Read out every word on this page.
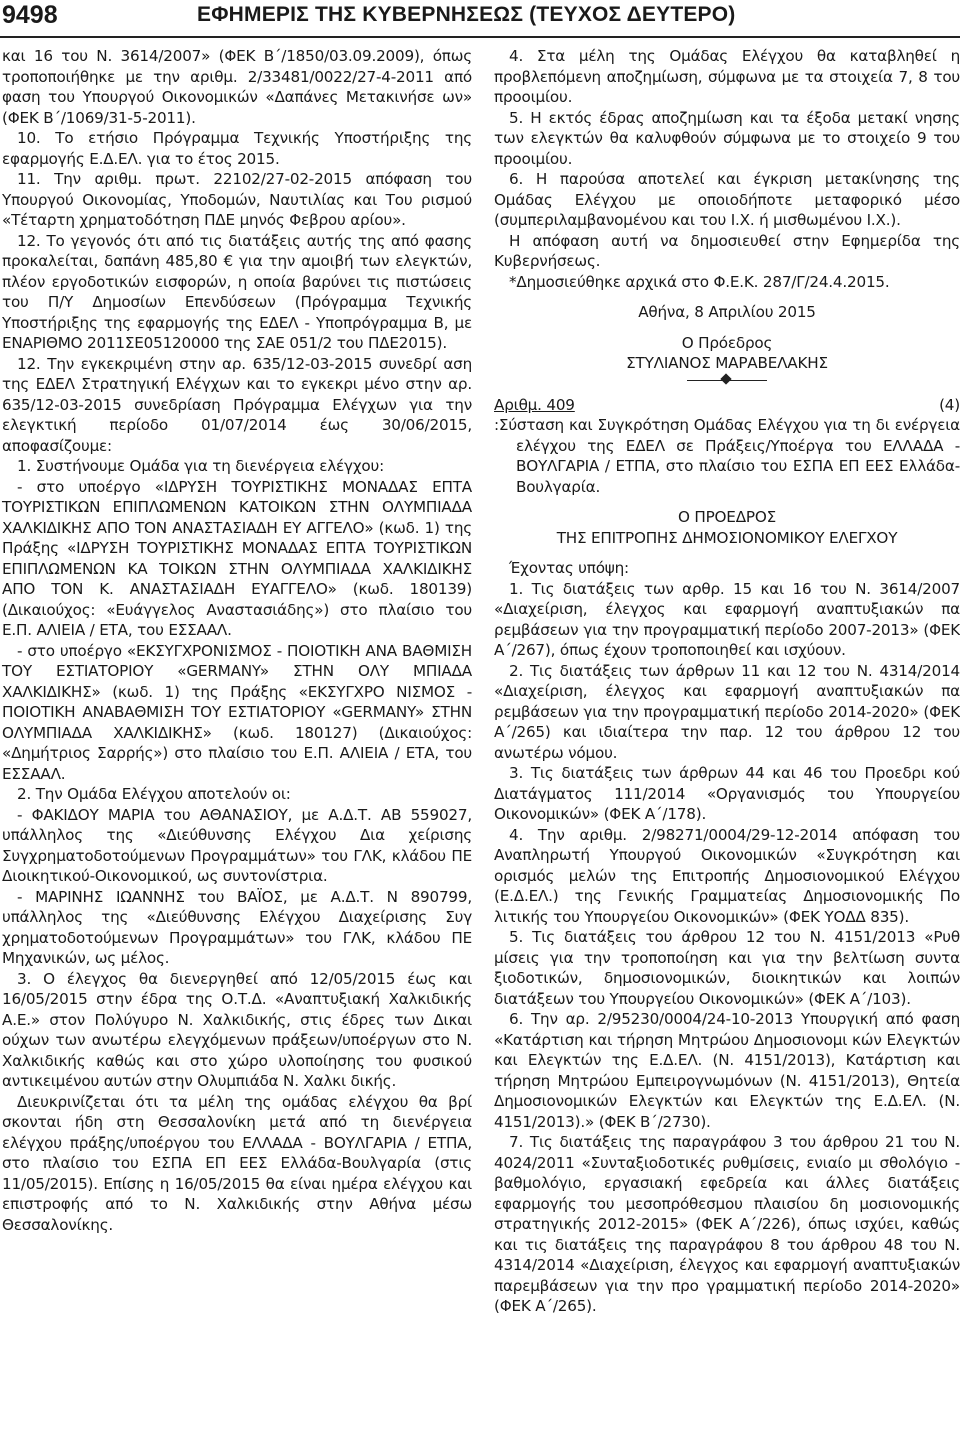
9498	ΕΦΗΜΕΡΙΣ ΤΗΣ ΚΥΒΕΡΝΗΣΕΩΣ (ΤΕΥΧΟΣ ΔΕΥΤΕΡΟ)

και 16 του Ν. 3614/2007» (ΦΕΚ Β΄/1850/03.09.2009), όπως τροποποιήθηκε με την αριθμ. 2/33481/0022/27-4-2011 από φαση του Υπουργού Οικονομικών «Δαπάνες Μετακινήσε ων» (ΦΕΚ Β΄/1069/31-5-2011).

10. Το ετήσιο Πρόγραμμα Τεχνικής Υποστήριξης της εφαρμογής Ε.Δ.ΕΛ. για το έτος 2015.

11. Την αριθμ. πρωτ. 22102/27-02-2015 απόφαση του Υπουργού Οικονομίας, Υποδομών, Ναυτιλίας και Του ρισμού «Τέταρτη χρηματοδότηση ΠΔΕ μηνός Φεβρου αρίου».

12. Το γεγονός ότι από τις διατάξεις αυτής της από φασης προκαλείται, δαπάνη 485,80 € για την αμοιβή των ελεγκτών, πλέον εργοδοτικών εισφορών, η οποία βαρύνει τις πιστώσεις του Π/Υ Δημοσίων Επενδύσεων (Πρόγραμμα Τεχνικής Υποστήριξης της εφαρμογής της ΕΔΕΛ - Υποπρόγραμμα Β, με ΕΝΑΡΙΘΜΟ 2011ΣΕ05120000 της ΣΑΕ 051/2 του ΠΔΕ2015).

12. Την εγκεκριμένη στην αρ. 635/12-03-2015 συνεδρί αση της ΕΔΕΛ Στρατηγική Ελέγχων και το εγκεκρι μένο στην αρ. 635/12-03-2015 συνεδρίαση Πρόγραμμα Ελέγχων για την ελεγκτική περίοδο 01/07/2014 έως 30/06/2015, αποφασίζουμε:

1. Συστήνουμε Ομάδα για τη διενέργεια ελέγχου:

- στο υποέργο «ΙΔΡΥΣΗ ΤΟΥΡΙΣΤΙΚΗΣ ΜΟΝΑΔΑΣ ΕΠΤΑ ΤΟΥΡΙΣΤΙΚΩΝ ΕΠΙΠΛΩΜΕΝΩΝ ΚΑΤΟΙΚΩΝ ΣΤΗΝ ΟΛΥΜΠΙΑΔΑ ΧΑΛΚΙΔΙΚΗΣ ΑΠΟ ΤΟΝ ΑΝΑΣΤΑΣΙΑΔΗ ΕΥ ΑΓΓΕΛΟ» (κωδ. 1) της Πράξης «ΙΔΡΥΣΗ ΤΟΥΡΙΣΤΙΚΗΣ ΜΟΝΑΔΑΣ ΕΠΤΑ ΤΟΥΡΙΣΤΙΚΩΝ ΕΠΙΠΛΩΜΕΝΩΝ ΚΑ ΤΟΙΚΩΝ ΣΤΗΝ ΟΛΥΜΠΙΑΔΑ ΧΑΛΚΙΔΙΚΗΣ ΑΠΟ ΤΟΝ Κ. ΑΝΑΣΤΑΣΙΑΔΗ ΕΥΑΓΓΕΛΟ» (κωδ. 180139) (Δικαιούχος: «Ευάγγελος Αναστασιάδης») στο πλαίσιο του Ε.Π. ΑΛΙΕΙΑ / ΕΤΑ, του ΕΣΣΑΑΛ.

- στο υποέργο «ΕΚΣΥΓΧΡΟΝΙΣΜΟΣ - ΠΟΙΟΤΙΚΗ ΑΝΑ ΒΑΘΜΙΣΗ ΤΟΥ ΕΣΤΙΑΤΟΡΙΟΥ «GERMANY» ΣΤΗΝ ΟΛΥ ΜΠΙΑΔΑ ΧΑΛΚΙΔΙΚΗΣ» (κωδ. 1) της Πράξης «ΕΚΣΥΓΧΡΟ ΝΙΣΜΟΣ - ΠΟΙΟΤΙΚΗ ΑΝΑΒΑΘΜΙΣΗ ΤΟΥ ΕΣΤΙΑΤΟΡΙΟΥ «GERMANY» ΣΤΗΝ ΟΛΥΜΠΙΑΔΑ ΧΑΛΚΙΔΙΚΗΣ» (κωδ. 180127) (Δικαιούχος: «Δημήτριος Σαρρής») στο πλαίσιο του Ε.Π. ΑΛΙΕΙΑ / ΕΤΑ, του ΕΣΣΑΑΛ.

2. Την Ομάδα Ελέγχου αποτελούν οι:

- ΦΑΚΙΔΟΥ ΜΑΡΙΑ του ΑΘΑΝΑΣΙΟΥ, με Α.Δ.Τ. ΑΒ 559027, υπάλληλος της «Διεύθυνσης Ελέγχου Δια χείρισης Συγχρηματοδοτούμενων Προγραμμάτων» του ΓΛΚ, κλάδου ΠΕ Διοικητικού-Οικονομικού, ως συντονίστρια.

- ΜΑΡΙΝΗΣ ΙΩΑΝΝΗΣ του ΒΑΪΟΣ, με Α.Δ.Τ. Ν 890799, υπάλληλος της «Διεύθυνσης Ελέγχου Διαχείρισης Συγ χρηματοδοτούμενων Προγραμμάτων» του ΓΛΚ, κλάδου ΠΕ Μηχανικών, ως μέλος.

3. Ο έλεγχος θα διενεργηθεί από 12/05/2015 έως και 16/05/2015 στην έδρα της Ο.Τ.Δ. «Αναπτυξιακή Χαλκιδικής Α.Ε.» στον Πολύγυρο Ν. Χαλκιδικής, στις έδρες των Δικαι ούχων των ανωτέρω ελεγχόμενων πράξεων/υποέργων στο Ν. Χαλκιδικής καθώς και στο χώρο υλοποίησης του φυσικού αντικειμένου αυτών στην Ολυμπιάδα Ν. Χαλκι δικής.

Διευκρινίζεται ότι τα μέλη της ομάδας ελέγχου θα βρί σκονται ήδη στη Θεσσαλονίκη μετά από τη διενέργεια ελέγχου πράξης/υποέργου του ΕΛΛΑΔΑ - ΒΟΥΛΓΑΡΙΑ / ΕΤΠΑ, στο πλαίσιο του ΕΣΠΑ ΕΠ ΕΕΣ Ελλάδα-Βουλγαρία (στις 11/05/2015). Επίσης η 16/05/2015 θα είναι ημέρα ελέγχου και επιστροφής από το Ν. Χαλκιδικής στην Αθήνα μέσω Θεσσαλονίκης.

4. Στα μέλη της Ομάδας Ελέγχου θα καταβληθεί η προβλεπόμενη αποζημίωση, σύμφωνα με τα στοιχεία 7, 8 του προοιμίου.

5. Η εκτός έδρας αποζημίωση και τα έξοδα μετακί νησης των ελεγκτών θα καλυφθούν σύμφωνα με το στοιχείο 9 του προοιμίου.

6. Η παρούσα αποτελεί και έγκριση μετακίνησης της Ομάδας Ελέγχου με οποιοδήποτε μεταφορικό μέσο (συμπεριλαμβανομένου και του Ι.Χ. ή μισθωμένου Ι.Χ.).

Η απόφαση αυτή να δημοσιευθεί στην Εφημερίδα της Κυβερνήσεως.

*Δημοσιεύθηκε αρχικά στο Φ.Ε.Κ. 287/Γ/24.4.2015.

Αθήνα, 8 Απριλίου 2015

Ο Πρόεδρος

ΣΤΥΛΙΑΝΟΣ ΜΑΡΑΒΕΛΑΚΗΣ

Αριθμ. 409	(4)

:Σύσταση και Συγκρότηση Ομάδας Ελέγχου για τη δι ενέργεια ελέγχου της ΕΔΕΛ σε Πράξεις/Υποέργα του ΕΛΛΑΔΑ - ΒΟΥΛΓΑΡΙΑ / ΕΤΠΑ, στο πλαίσιο του ΕΣΠΑ ΕΠ ΕΕΣ Ελλάδα-Βουλγαρία.

Ο ΠΡΟΕΔΡΟΣ

ΤΗΣ ΕΠΙΤΡΟΠΗΣ ΔΗΜΟΣΙΟΝΟΜΙΚΟΥ ΕΛΕΓΧΟΥ

Έχοντας υπόψη:

1. Τις διατάξεις των αρθρ. 15 και 16 του Ν. 3614/2007 «Διαχείριση, έλεγχος και εφαρμογή αναπτυξιακών πα ρεμβάσεων για την προγραμματική περίοδο 2007-2013» (ΦΕΚ Α΄/267), όπως έχουν τροποποιηθεί και ισχύουν.

2. Τις διατάξεις των άρθρων 11 και 12 του Ν. 4314/2014 «Διαχείριση, έλεγχος και εφαρμογή αναπτυξιακών πα ρεμβάσεων για την προγραμματική περίοδο 2014-2020» (ΦΕΚ Α΄/265) και ιδιαίτερα την παρ. 12 του άρθρου 12 του ανωτέρω νόμου.

3. Τις διατάξεις των άρθρων 44 και 46 του Προεδρι κού Διατάγματος 111/2014 «Οργανισμός του Υπουργείου Οικονομικών» (ΦΕΚ Α΄/178).

4. Την αριθμ. 2/98271/0004/29-12-2014 απόφαση του Αναπληρωτή Υπουργού Οικονομικών «Συγκρότηση και ορισμός μελών της Επιτροπής Δημοσιονομικού Ελέγχου (Ε.Δ.ΕΛ.) της Γενικής Γραμματείας Δημοσιονομικής Πο λιτικής του Υπουργείου Οικονομικών» (ΦΕΚ ΥΟΔΔ 835).

5. Τις διατάξεις του άρθρου 12 του Ν. 4151/2013 «Ρυθ μίσεις για την τροποποίηση και για την βελτίωση συντα ξιοδοτικών, δημοσιονομικών, διοικητικών και λοιπών διατάξεων του Υπουργείου Οικονομικών» (ΦΕΚ Α΄/103).

6. Την αρ. 2/95230/0004/24-10-2013 Υπουργική από φαση «Κατάρτιση και τήρηση Μητρώου Δημοσιονομι κών Ελεγκτών και Ελεγκτών της Ε.Δ.ΕΛ. (Ν. 4151/2013), Κατάρτιση και τήρηση Μητρώου Εμπειρογνωμόνων (Ν. 4151/2013), Θητεία Δημοσιονομικών Ελεγκτών και Ελεγκτών της Ε.Δ.ΕΛ. (Ν. 4151/2013).» (ΦΕΚ Β΄/2730).

7. Τις διατάξεις της παραγράφου 3 του άρθρου 21 του Ν. 4024/2011 «Συνταξιοδοτικές ρυθμίσεις, ενιαίο μι σθολόγιο - βαθμολόγιο, εργασιακή εφεδρεία και άλλες διατάξεις εφαρμογής του μεσοπρόθεσμου πλαισίου δη μοσιονομικής στρατηγικής 2012-2015» (ΦΕΚ Α΄/226), όπως ισχύει, καθώς και τις διατάξεις της παραγράφου 8 του άρθρου 48 του Ν. 4314/2014 «Διαχείριση, έλεγχος και εφαρμογή αναπτυξιακών παρεμβάσεων για την προ γραμματική περίοδο 2014-2020» (ΦΕΚ Α΄/265).
